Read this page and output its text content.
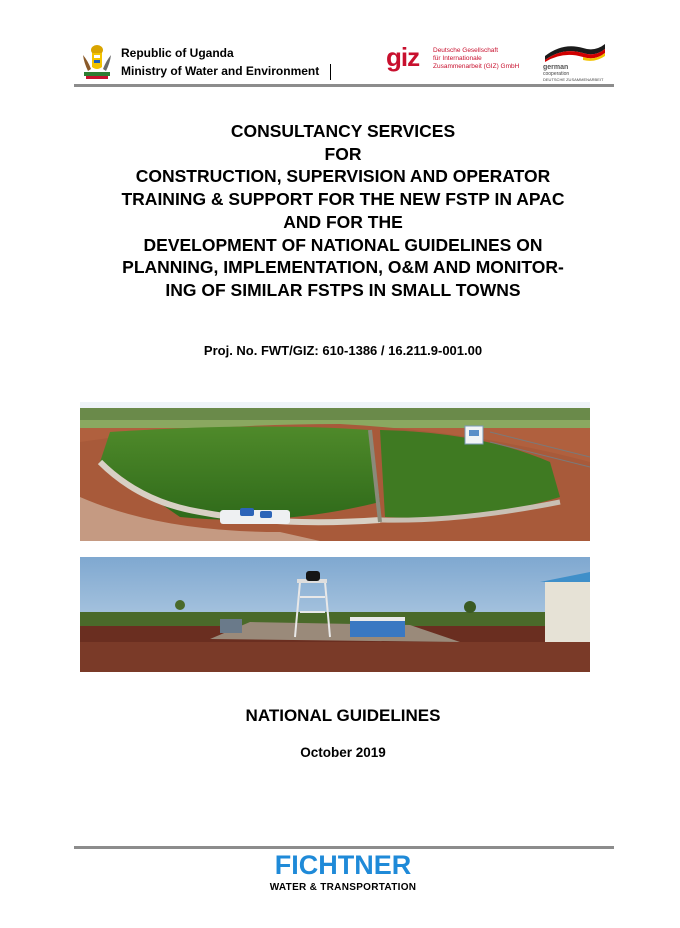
Republic of Uganda
Ministry of Water and Environment	giz Deutsche Gesellschaft
für Internationale
Zusammenarbeit (GIZ) GmbH	german
cooperation
DEUTSCHE ZUSAMMENARBEIT
CONSULTANCY SERVICES
FOR
CONSTRUCTION, SUPERVISION AND OPERATOR
TRAINING & SUPPORT FOR THE NEW FSTP IN APAC
AND FOR THE
DEVELOPMENT OF NATIONAL GUIDELINES ON
PLANNING, IMPLEMENTATION, O&M AND MONITOR-
ING OF SIMILAR FSTPS IN SMALL TOWNS
Proj. No. FWT/GIZ: 610-1386 / 16.211.9-001.00
NATIONAL GUIDELINES
October 2019
FICHTNER
WATER & TRANSPORTATION
